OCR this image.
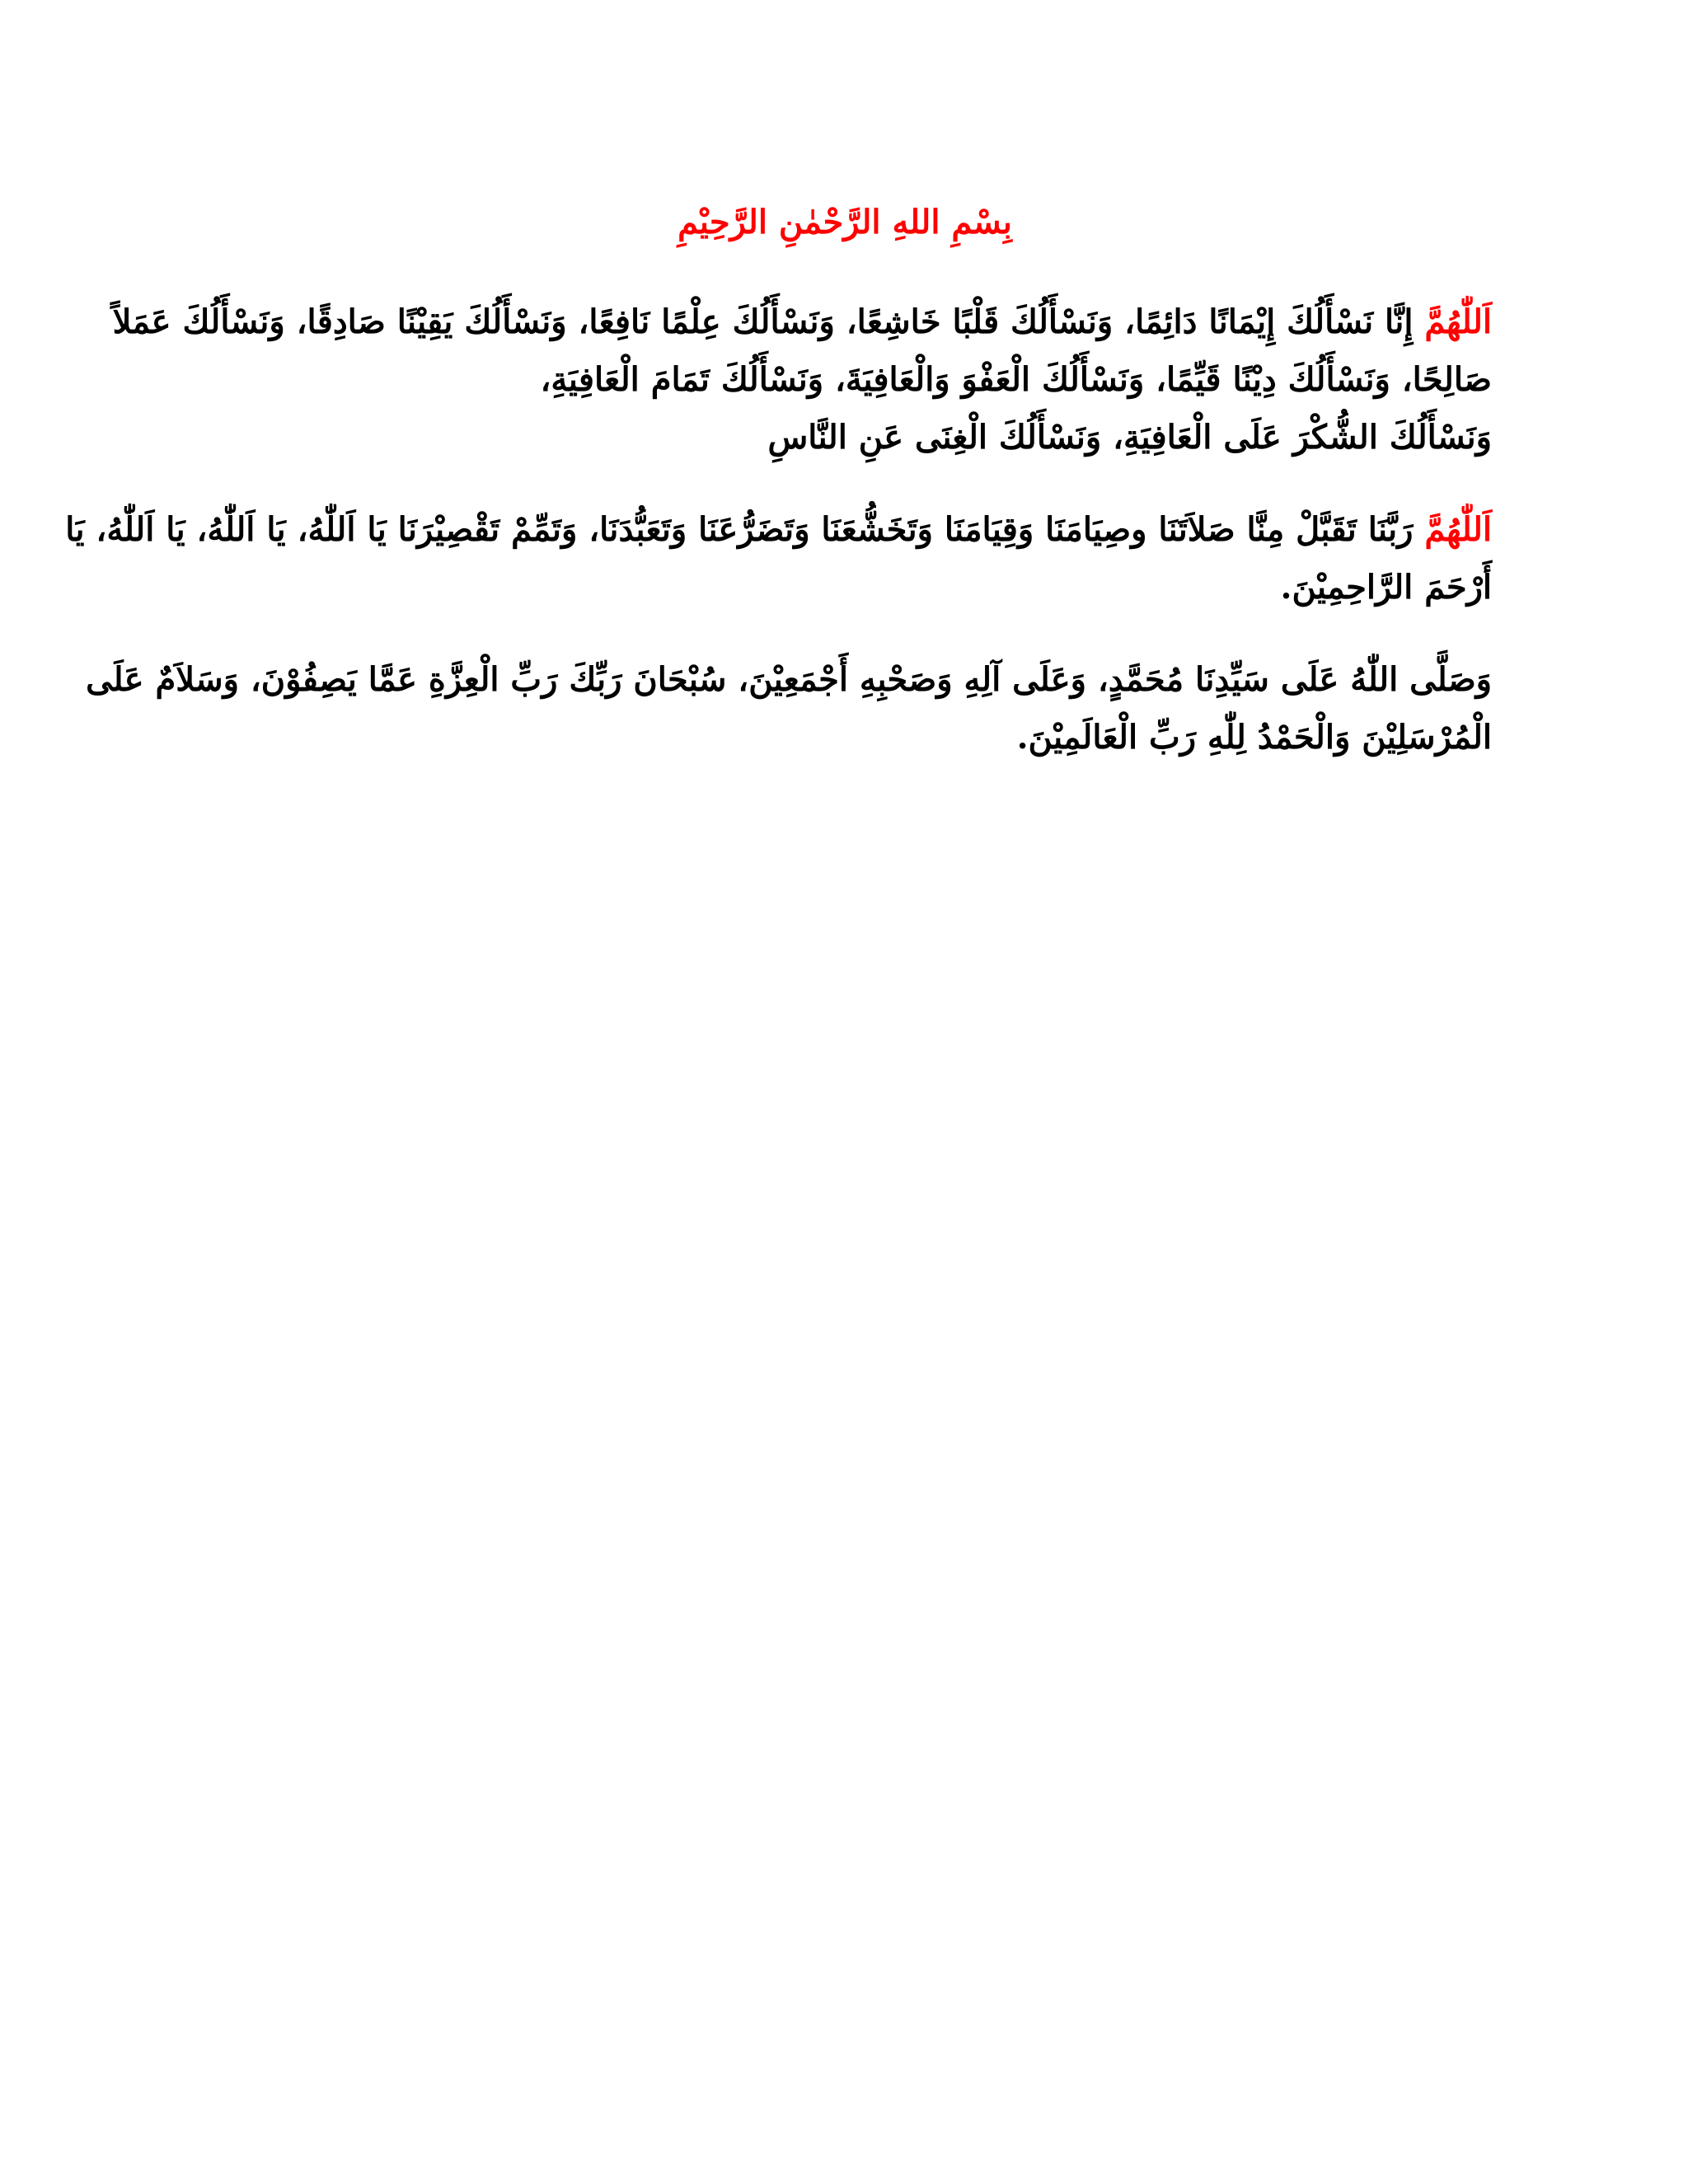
بِسْمِ اللهِ الرَّحْمٰنِ الرَّحِيْمِ
اَللّٰهُمَّ إِنَّا نَسْأَلُكَ إِيْمَانًا دَائِمًا، وَنَسْأَلُكَ قَلْبًا خَاشِعًا، وَنَسْأَلُكَ عِلْمًا نَافِعًا، وَنَسْأَلُكَ يَقِيْنًا صَادِقًا، وَنَسْأَلُكَ عَمَلاً
صَالِحًا، وَنَسْأَلُكَ دِيْنًا قَيِّمًا، وَنَسْأَلُكَ الْعَفْوَ وَالْعَافِيَةَ، وَنَسْأَلُكَ تَمَامَ الْعَافِيَةِ،
وَنَسْأَلُكَ الشُّكْرَ عَلَى الْعَافِيَةِ، وَنَسْأَلُكَ الْغِنَى عَنِ النَّاسِ
اَللّٰهُمَّ رَبَّنَا تَقَبَّلْ مِنَّا صَلاَتَنَا وصِيَامَنَا وَقِيَامَنَا وَتَخَشُّعَنَا وَتَضَرُّعَنَا وَتَعَبُّدَنَا، وَتَمِّمْ تَقْصِيْرَنَا يَا اَللّٰهُ، يَا اَللّٰهُ، يَا اَللّٰهُ، يَا
أَرْحَمَ الرَّاحِمِيْنَ.
وَصَلَّى اللّٰهُ عَلَى سَيِّدِنَا مُحَمَّدٍ، وَعَلَى آلِهِ وَصَحْبِهِ أَجْمَعِيْنَ، سُبْحَانَ رَبِّكَ رَبِّ الْعِزَّةِ عَمَّا يَصِفُوْنَ، وَسَلاَمٌ عَلَى
الْمُرْسَلِيْنَ وَالْحَمْدُ لِلّٰهِ رَبِّ الْعَالَمِيْنَ.
